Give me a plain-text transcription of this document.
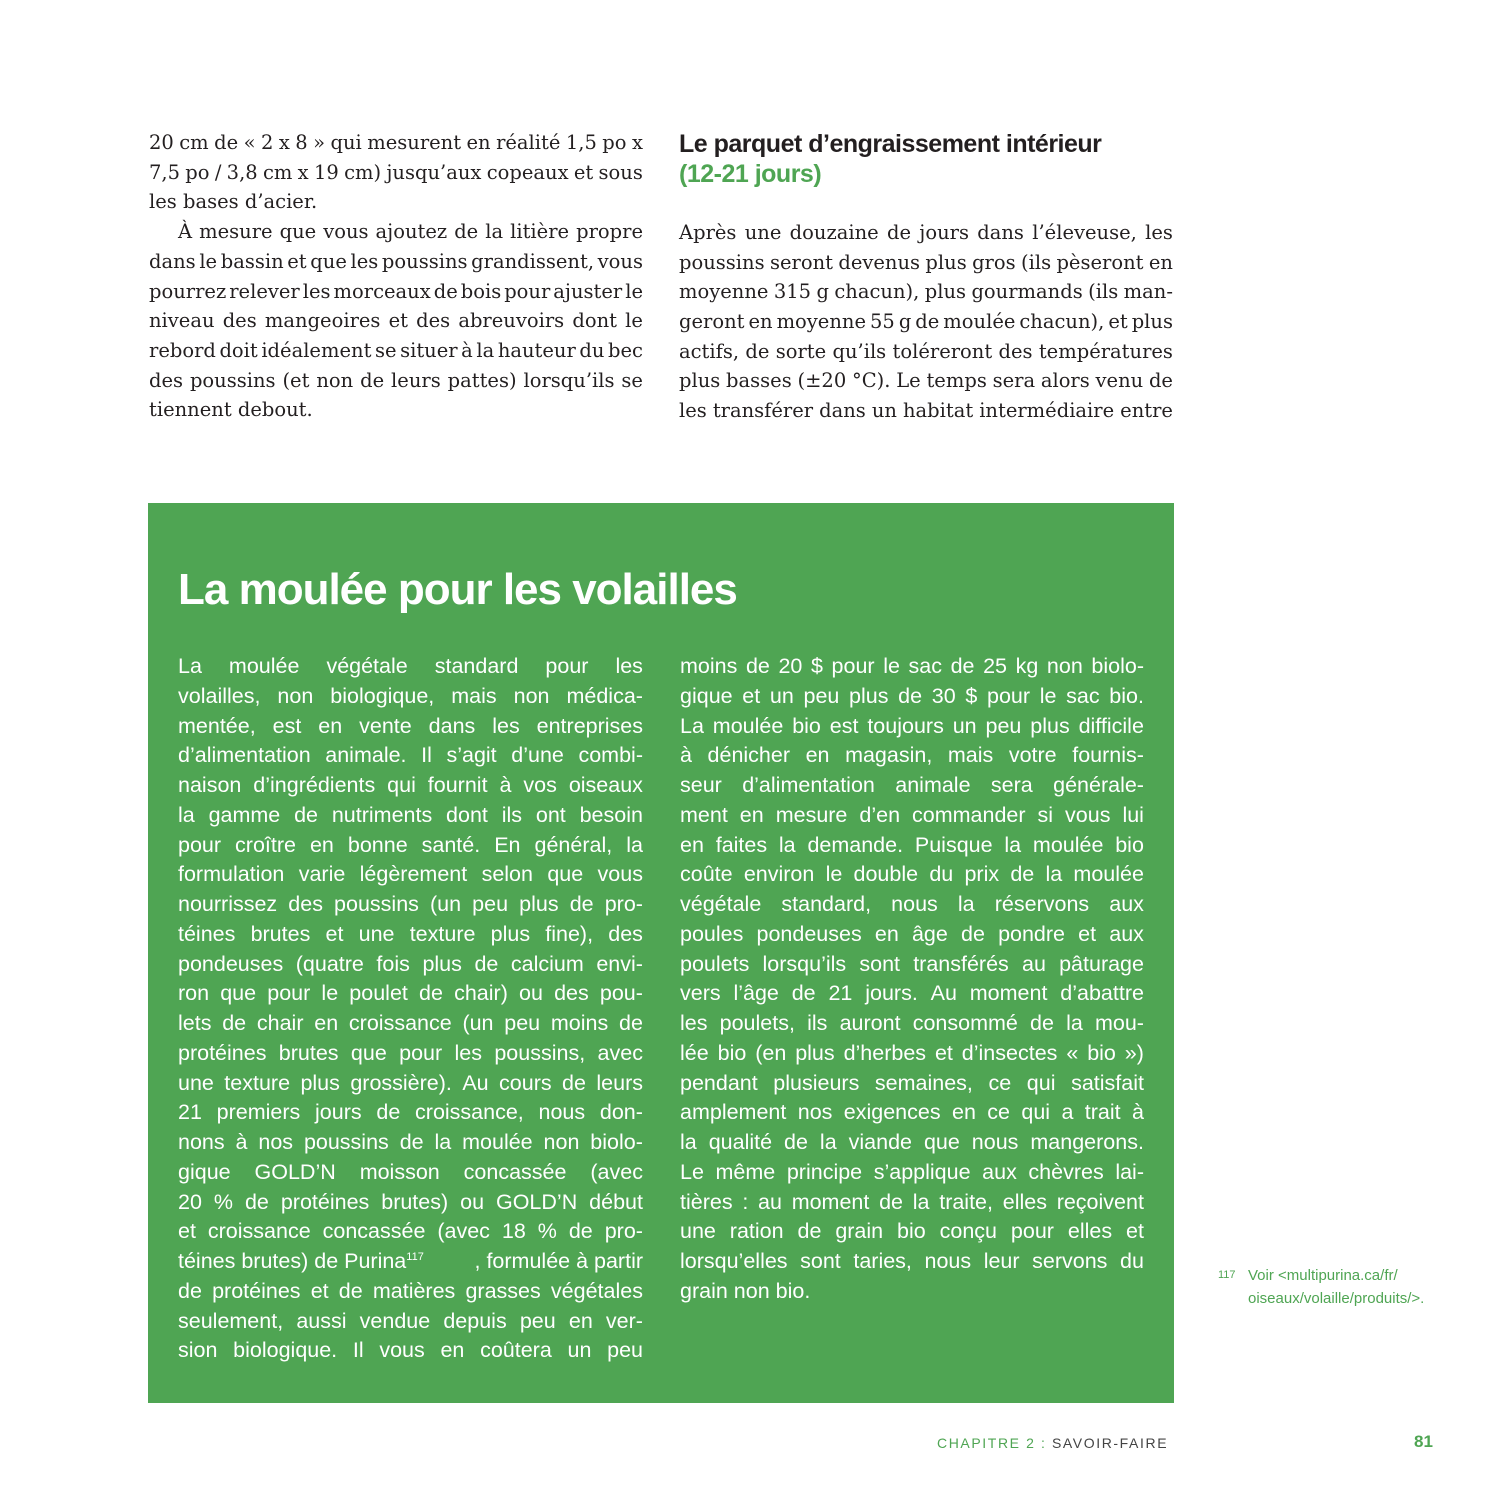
20 cm de « 2 x 8 » qui mesurent en réalité 1,5 po x
7,5 po / 3,8 cm x 19 cm) jusqu’aux copeaux et sous
les bases d’acier.
À mesure que vous ajoutez de la litière propre
dans le bassin et que les poussins grandissent, vous
pourrez relever les morceaux de bois pour ajuster le
niveau des mangeoires et des abreuvoirs dont le
rebord doit idéalement se situer à la hauteur du bec
des poussins (et non de leurs pattes) lorsqu’ils se
tiennent debout.
Le parquet d’engraissement intérieur
(12-21 jours)
Après une douzaine de jours dans l’éleveuse, les
poussins seront devenus plus gros (ils pèseront en
moyenne 315 g chacun), plus gourmands (ils man-
geront en moyenne 55 g de moulée chacun), et plus
actifs, de sorte qu’ils toléreront des températures
plus basses (±20 °C). Le temps sera alors venu de
les transférer dans un habitat intermédiaire entre
La moulée pour les volailles
La moulée végétale standard pour les
volailles, non biologique, mais non médica-
mentée, est en vente dans les entreprises
d’alimentation animale. Il s’agit d’une combi-
naison d’ingrédients qui fournit à vos oiseaux
la gamme de nutriments dont ils ont besoin
pour croître en bonne santé. En général, la
formulation varie légèrement selon que vous
nourrissez des poussins (un peu plus de pro-
téines brutes et une texture plus fine), des
pondeuses (quatre fois plus de calcium envi-
ron que pour le poulet de chair) ou des pou-
lets de chair en croissance (un peu moins de
protéines brutes que pour les poussins, avec
une texture plus grossière). Au cours de leurs
21 premiers jours de croissance, nous don-
nons à nos poussins de la moulée non biolo-
gique GOLD’N moisson concassée (avec
20 % de protéines brutes) ou GOLD’N début
et croissance concassée (avec 18 % de pro-
téines brutes) de Purina$^{117}$ , formulée à partir
de protéines et de matières grasses végétales
seulement, aussi vendue depuis peu en ver-
sion biologique. Il vous en coûtera un peu
moins de 20 $ pour le sac de 25 kg non biolo-
gique et un peu plus de 30 $ pour le sac bio.
La moulée bio est toujours un peu plus difficile
à dénicher en magasin, mais votre fournis-
seur d’alimentation animale sera générale-
ment en mesure d’en commander si vous lui
en faites la demande. Puisque la moulée bio
coûte environ le double du prix de la moulée
végétale standard, nous la réservons aux
poules pondeuses en âge de pondre et aux
poulets lorsqu’ils sont transférés au pâturage
vers l’âge de 21 jours. Au moment d’abattre
les poulets, ils auront consommé de la mou-
lée bio (en plus d’herbes et d’insectes « bio »)
pendant plusieurs semaines, ce qui satisfait
amplement nos exigences en ce qui a trait à
la qualité de la viande que nous mangerons.
Le même principe s’applique aux chèvres lai-
tières : au moment de la traite, elles reçoivent
une ration de grain bio conçu pour elles et
lorsqu’elles sont taries, nous leur servons du
grain non bio.
117 Voir <multipurina.ca/fr/
oiseaux/volaille/produits/>.
CHAPITRE 2 : SAVOIR-FAIRE	81
